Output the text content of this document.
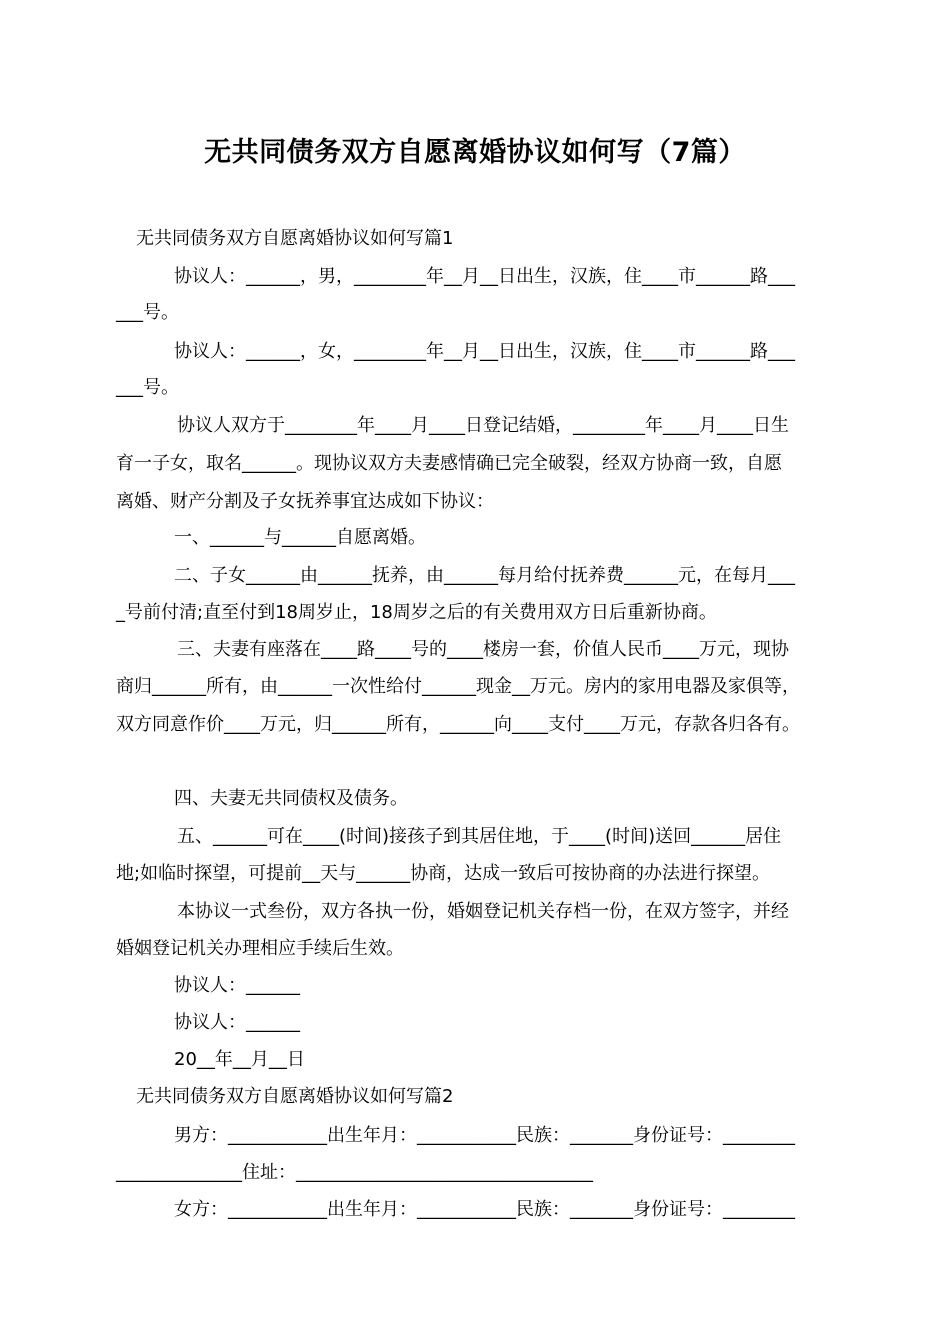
无共同债务双方自愿离婚协议如何写（7篇）
无共同债务双方自愿离婚协议如何写篇1
协议人：______，男，________年__月__日出生，汉族，住____市______路___
___号。
协议人：______，女，________年__月__日出生，汉族，住____市______路___
___号。
协议人双方于________年____月____日登记结婚，________年____月____日生
育一子女，取名______。现协议双方夫妻感情确已完全破裂，经双方协商一致，自愿
离婚、财产分割及子女抚养事宜达成如下协议：
一、______与______自愿离婚。
二、子女______由______抚养，由______每月给付抚养费______元，在每月___
_号前付清;直至付到18周岁止，18周岁之后的有关费用双方日后重新协商。
三、夫妻有座落在____路____号的____楼房一套，价值人民币____万元，现协
商归______所有，由______一次性给付______现金__万元。房内的家用电器及家俱等，
双方同意作价____万元，归______所有，______向____支付____万元，存款各归各有。
四、夫妻无共同债权及债务。
五、______可在____(时间)接孩子到其居住地，于____(时间)送回______居住
地;如临时探望，可提前__天与______协商，达成一致后可按协商的办法进行探望。
本协议一式叁份，双方各执一份，婚姻登记机关存档一份，在双方签字，并经
婚姻登记机关办理相应手续后生效。
协议人：______
协议人：______
20__年__月__日
无共同债务双方自愿离婚协议如何写篇2
男方：___________出生年月：___________民族：_______身份证号：________
______________住址：_________________________________
女方：___________出生年月：___________民族：_______身份证号：________
